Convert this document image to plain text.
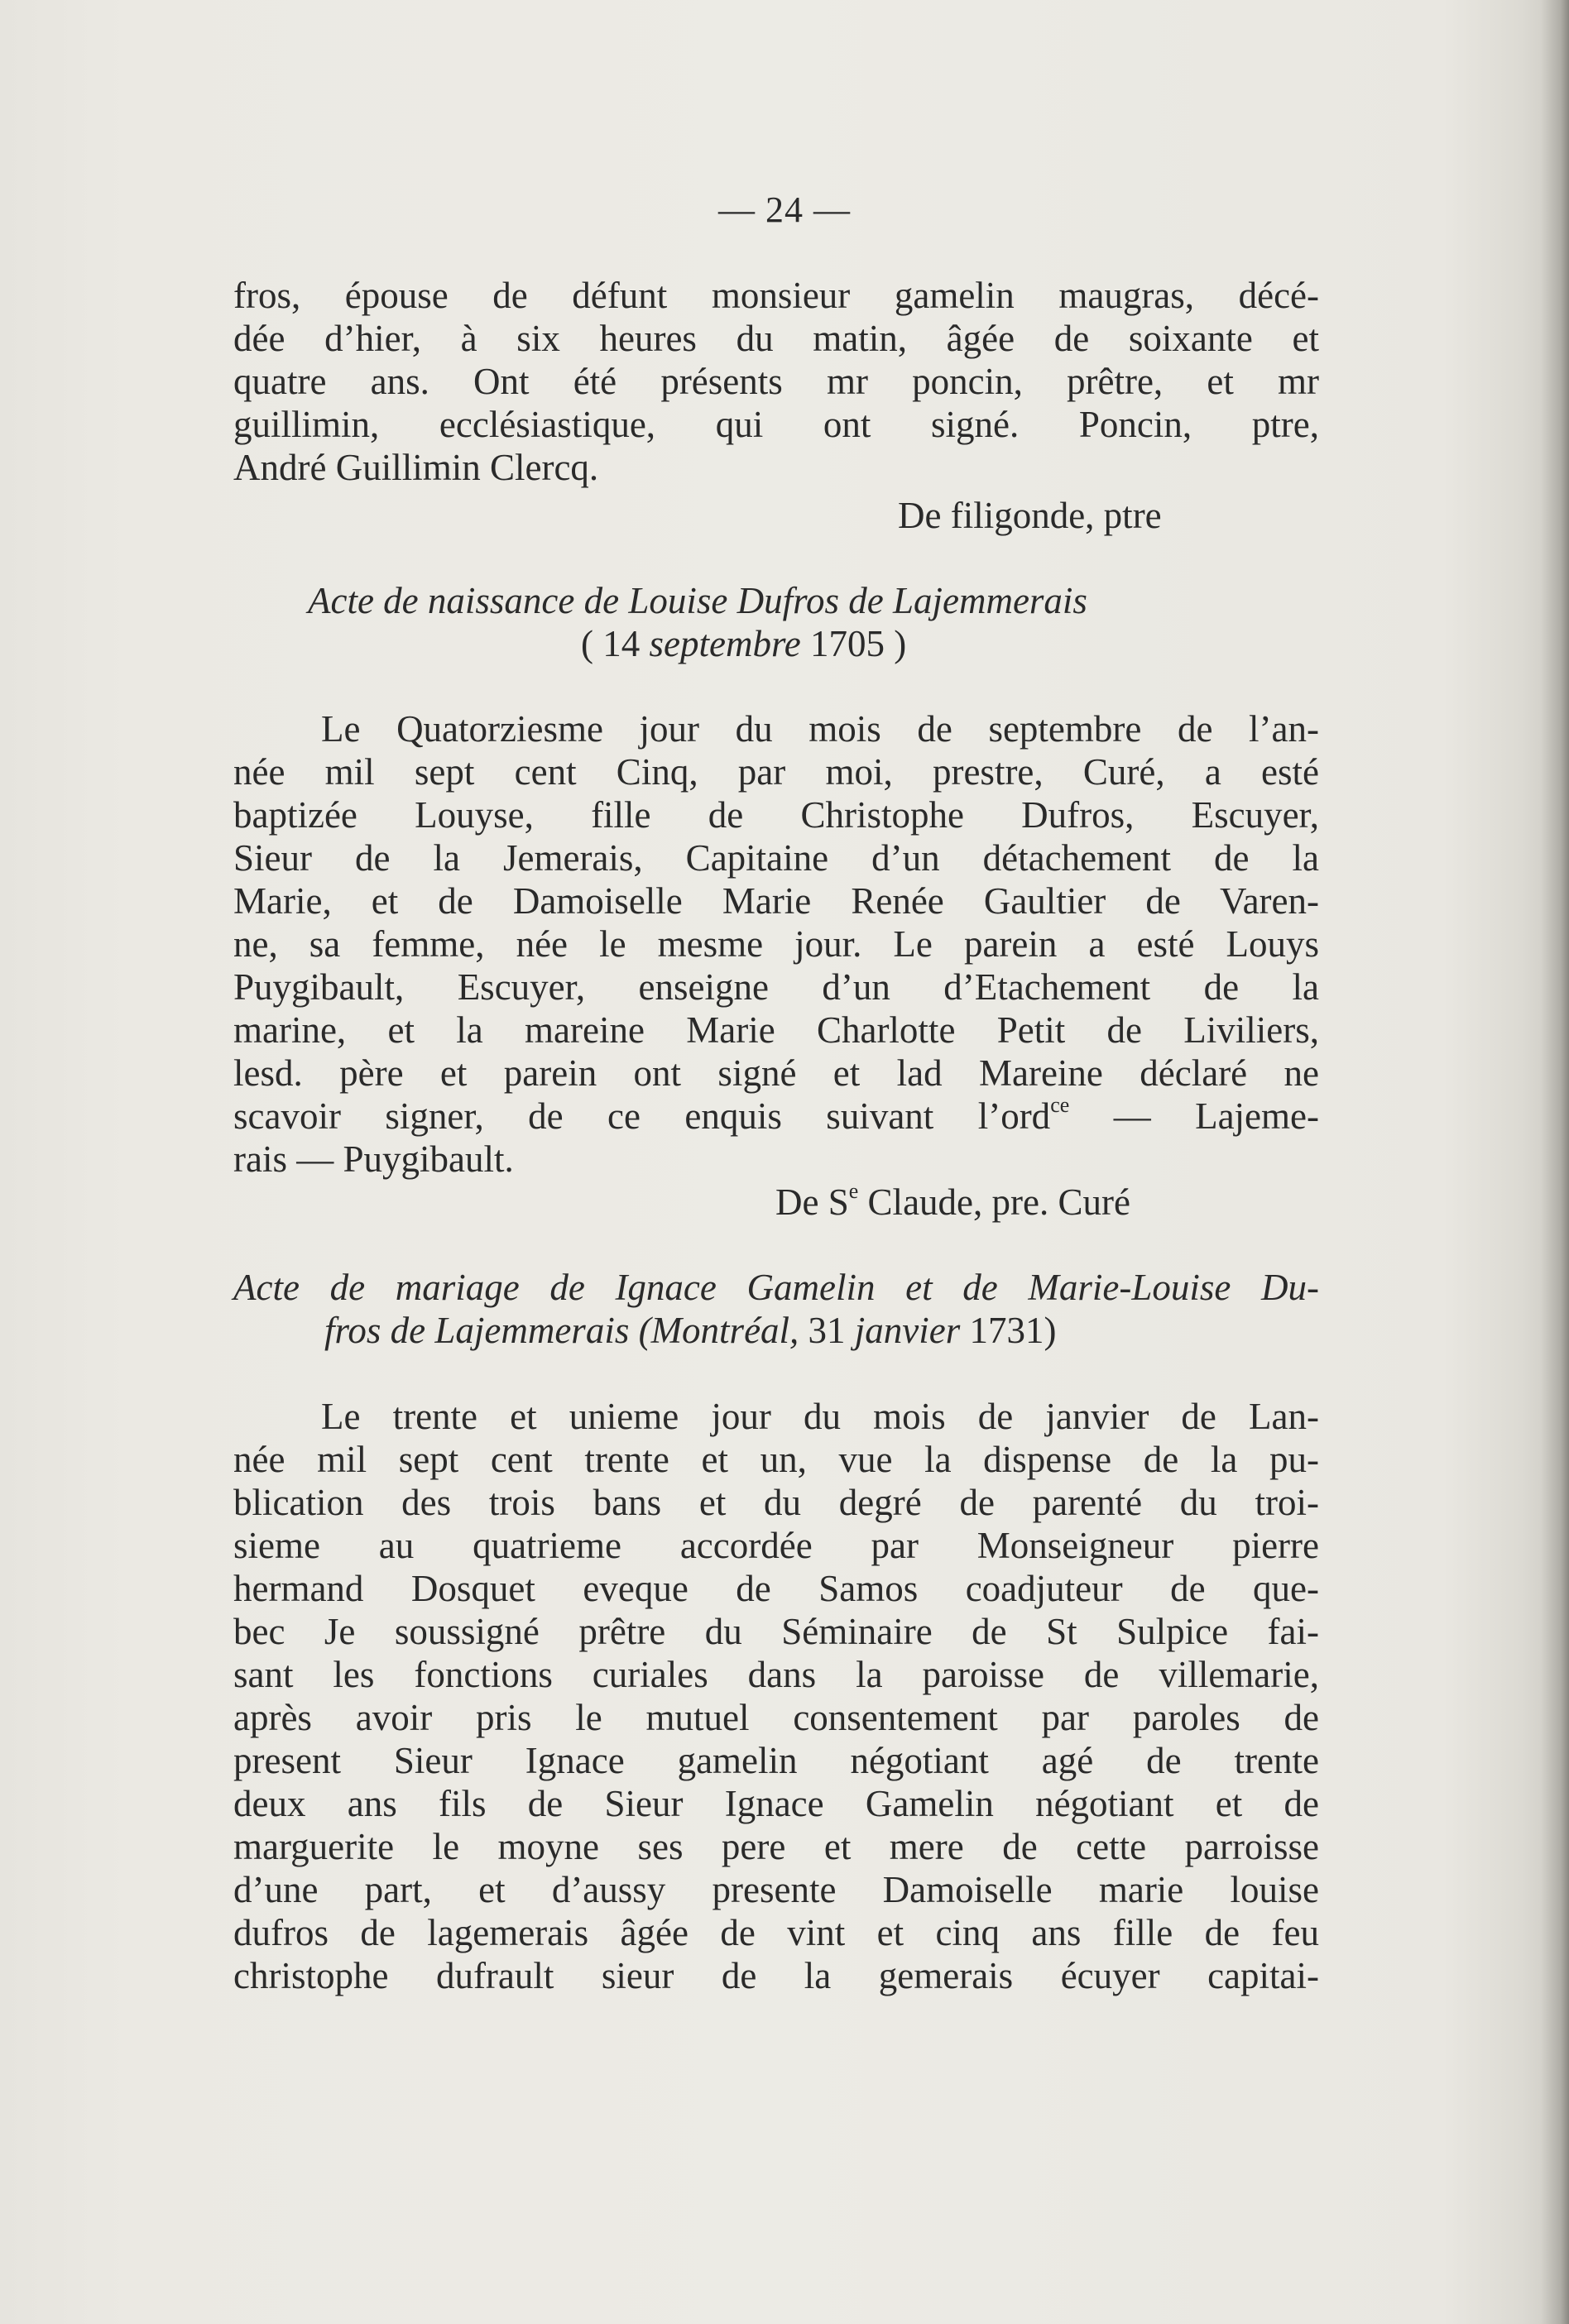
— 24 —
fros, épouse de défunt monsieur gamelin maugras, décé-
dée d’hier, à six heures du matin, âgée de soixante et
quatre ans. Ont été présents mr poncin, prêtre, et mr
guillimin, ecclésiastique, qui ont signé. Poncin, ptre,
André Guillimin Clercq.
De filigonde, ptre
Acte de naissance de Louise Dufros de Lajemmerais
( 14 septembre 1705 )
Le Quatorziesme jour du mois de septembre de l’an-
née mil sept cent Cinq, par moi, prestre, Curé, a esté
baptizée Louyse, fille de Christophe Dufros, Escuyer,
Sieur de la Jemerais, Capitaine d’un détachement de la
Marie, et de Damoiselle Marie Renée Gaultier de Varen-
ne, sa femme, née le mesme jour. Le parein a esté Louys
Puygibault, Escuyer, enseigne d’un d’Etachement de la
marine, et la mareine Marie Charlotte Petit de Liviliers,
lesd. père et parein ont signé et lad Mareine déclaré ne
scavoir signer, de ce enquis suivant l’ord$^{ce}$ — Lajeme-
rais — Puygibault.
De $S^e$ Claude, pre. Curé
Acte de mariage de Ignace Gamelin et de Marie-Louise Du-
fros de Lajemmerais (Montréal, 31 janvier 1731)
Le trente et unieme jour du mois de janvier de Lan-
née mil sept cent trente et un, vue la dispense de la pu-
blication des trois bans et du degré de parenté du troi-
sieme au quatrieme accordée par Monseigneur pierre
hermand Dosquet eveque de Samos coadjuteur de que-
bec Je soussigné prêtre du Séminaire de St Sulpice fai-
sant les fonctions curiales dans la paroisse de villemarie,
après avoir pris le mutuel consentement par paroles de
present Sieur Ignace gamelin négotiant agé de trente
deux ans fils de Sieur Ignace Gamelin négotiant et de
marguerite le moyne ses pere et mere de cette parroisse
d’une part, et d’aussy presente Damoiselle marie louise
dufros de lagemerais âgée de vint et cinq ans fille de feu
christophe dufrault sieur de la gemerais écuyer capitai-
